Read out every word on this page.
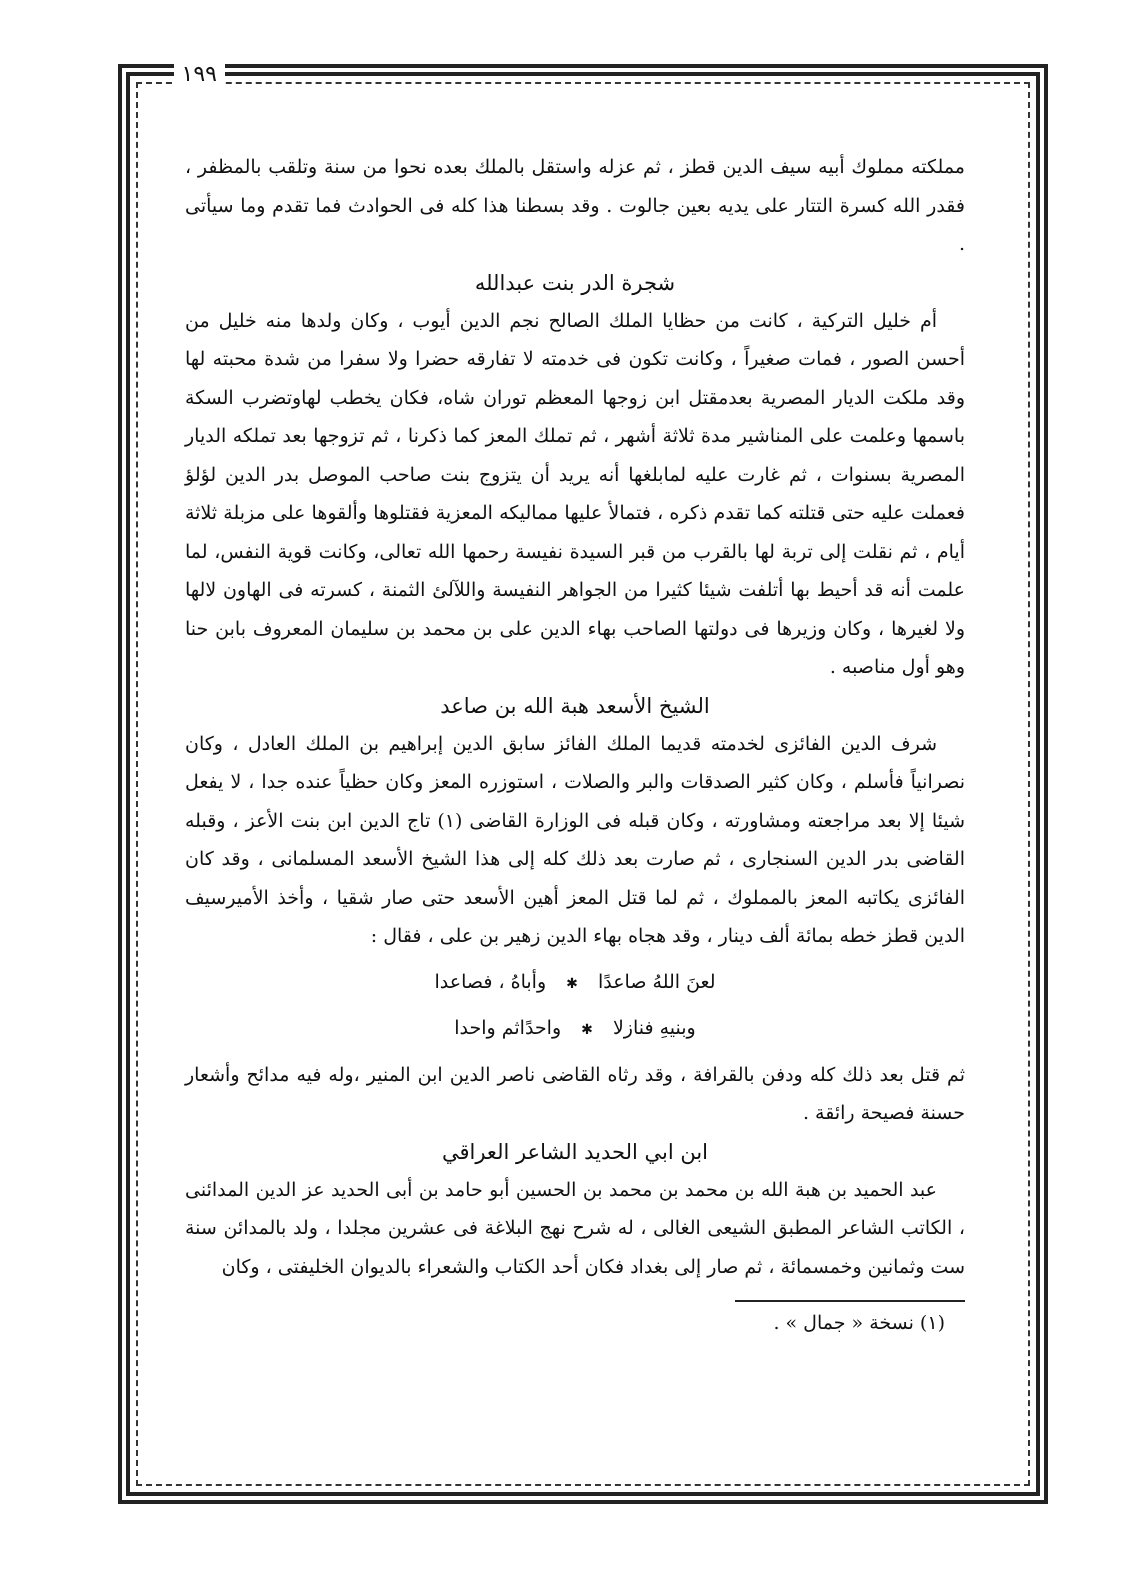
١٩٩

مملكته مملوك أبيه سيف الدين قطز ، ثم عزله واستقل بالملك بعده نحوا من سنة وتلقب بالمظفر ، فقدر الله كسرة التتار على يديه بعين جالوت . وقد بسطنا هذا كله فى الحوادث فما تقدم وما سيأتى .

شجرة الدر بنت عبدالله

أم خليل التركية ، كانت من حظايا الملك الصالح نجم الدين أيوب ، وكان ولدها منه خليل من أحسن الصور ، فمات صغيراً ، وكانت تكون فى خدمته لا تفارقه حضرا ولا سفرا من شدة محبته لها وقد ملكت الديار المصرية بعدمقتل ابن زوجها المعظم توران شاه، فكان يخطب لهاوتضرب السكة باسمها وعلمت على المناشير مدة ثلاثة أشهر ، ثم تملك المعز كما ذكرنا ، ثم تزوجها بعد تملكه الديار المصرية بسنوات ، ثم غارت عليه لمابلغها أنه يريد أن يتزوج بنت صاحب الموصل بدر الدين لؤلؤ فعملت عليه حتى قتلته كما تقدم ذكره ، فتمالأ عليها مماليكه المعزية فقتلوها وألقوها على مزبلة ثلاثة أيام ، ثم نقلت إلى تربة لها بالقرب من قبر السيدة نفيسة رحمها الله تعالى، وكانت قوية النفس، لما علمت أنه قد أحيط بها أتلفت شيئا كثيرا من الجواهر النفيسة واللآلئ الثمنة ، كسرته فى الهاون لالها ولا لغيرها ، وكان وزيرها فى دولتها الصاحب بهاء الدين على بن محمد بن سليمان المعروف بابن حنا وهو أول مناصبه .

الشيخ الأسعد هبة الله بن صاعد

شرف الدين الفائزى لخدمته قديما الملك الفائز سابق الدين إبراهيم بن الملك العادل ، وكان نصرانياً فأسلم ، وكان كثير الصدقات والبر والصلات ، استوزره المعز وكان حظياً عنده جدا ، لا يفعل شيئا إلا بعد مراجعته ومشاورته ، وكان قبله فى الوزارة القاضى (١) تاج الدين ابن بنت الأعز ، وقبله القاضى بدر الدين السنجارى ، ثم صارت بعد ذلك كله إلى هذا الشيخ الأسعد المسلمانى ، وقد كان الفائزى يكاتبه المعز بالمملوك ، ثم لما قتل المعز أهين الأسعد حتى صار شقيا ، وأخذ الأميرسيف الدين قطز خطه بمائة ألف دينار ، وقد هجاه بهاء الدين زهير بن على ، فقال :

لعنَ اللهُ صاعدًا ✱ وأباهُ ، فصاعدا
وبنيهِ فنازلا ✱ واحدًاثم واحدا

ثم قتل بعد ذلك كله ودفن بالقرافة ، وقد رثاه القاضى ناصر الدين ابن المنير ،وله فيه مدائح وأشعار حسنة فصيحة رائقة .

ابن ابي الحديد الشاعر العراقي

عبد الحميد بن هبة الله بن محمد بن محمد بن الحسين أبو حامد بن أبى الحديد عز الدين المدائنى ، الكاتب الشاعر المطبق الشيعى الغالى ، له شرح نهج البلاغة فى عشرين مجلدا ، ولد بالمدائن سنة ست وثمانين وخمسمائة ، ثم صار إلى بغداد فكان أحد الكتاب والشعراء بالديوان الخليفتى ، وكان

(١) نسخة « جمال » .
